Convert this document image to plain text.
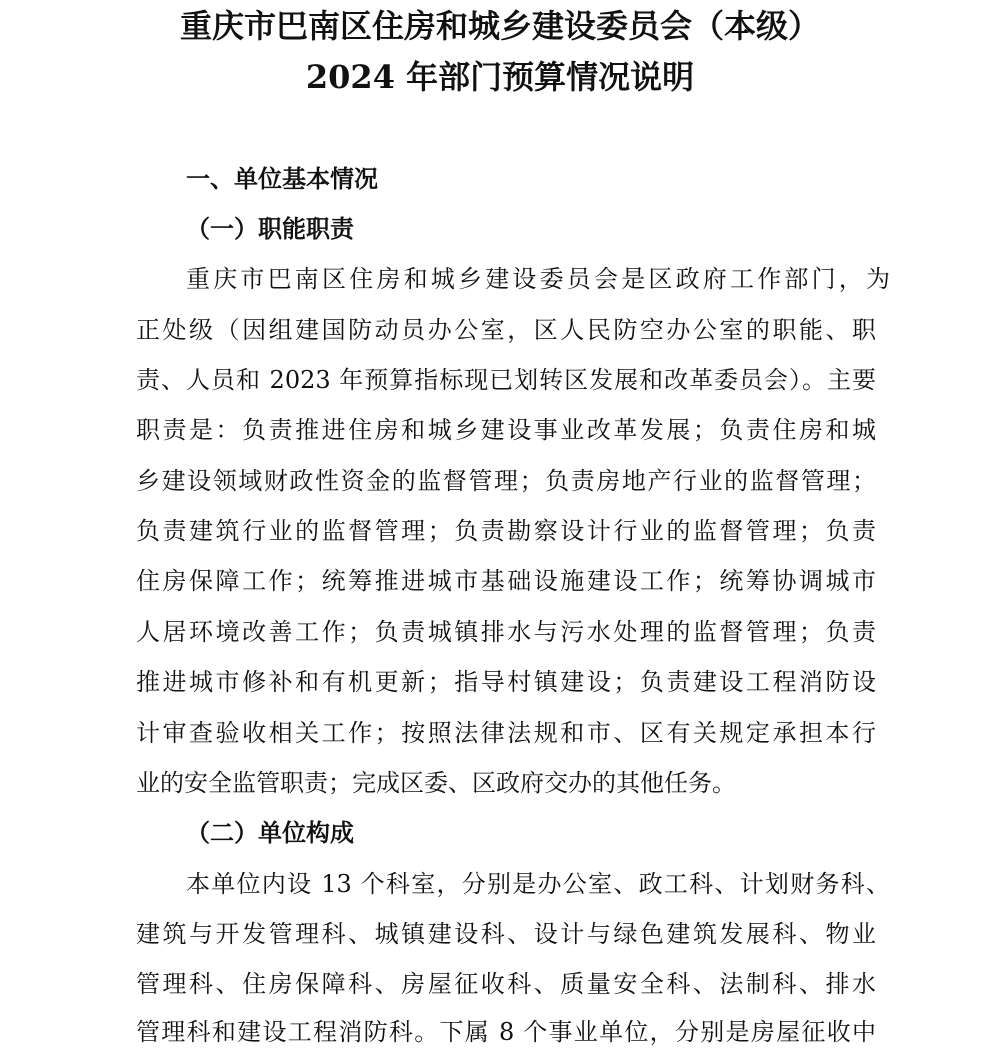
重庆市巴南区住房和城乡建设委员会（本级）
2024 年部门预算情况说明
一、单位基本情况
（一）职能职责

重庆市巴南区住房和城乡建设委员会是区政府工作部门，为

正处级（因组建国防动员办公室，区人民防空办公室的职能、职

责、人员和 2023 年预算指标现已划转区发展和改革委员会）。主要

职责是：负责推进住房和城乡建设事业改革发展；负责住房和城

乡建设领域财政性资金的监督管理；负责房地产行业的监督管理；

负责建筑行业的监督管理；负责勘察设计行业的监督管理；负责

住房保障工作；统筹推进城市基础设施建设工作；统筹协调城市

人居环境改善工作；负责城镇排水与污水处理的监督管理；负责

推进城市修补和有机更新；指导村镇建设；负责建设工程消防设

计审查验收相关工作；按照法律法规和市、区有关规定承担本行

业的安全监管职责；完成区委、区政府交办的其他任务。

（二）单位构成

本单位内设 13 个科室，分别是办公室、政工科、计划财务科、

建筑与开发管理科、城镇建设科、设计与绿色建筑发展科、物业

管理科、住房保障科、房屋征收科、质量安全科、法制科、排水

管理科和建设工程消防科。下属 8 个事业单位，分别是房屋征收中
